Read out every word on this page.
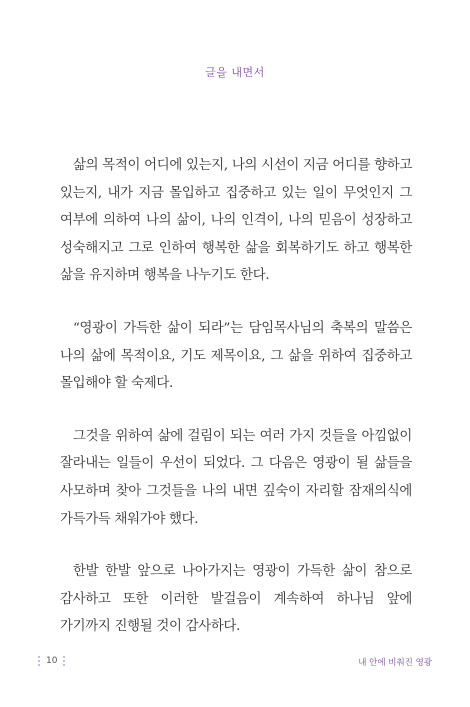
글을 내면서

삶의 목적이 어디에 있는지, 나의 시선이 지금 어디를 향하고 있는지, 내가 지금 몰입하고 집중하고 있는 일이 무엇인지 그 여부에 의하여 나의 삶이, 나의 인격이, 나의 믿음이 성장하고 성숙해지고 그로 인하여 행복한 삶을 회복하기도 하고 행복한 삶을 유지하며 행복을 나누기도 한다.

“영광이 가득한 삶이 되라”는 담임목사님의 축복의 말씀은 나의 삶에 목적이요, 기도 제목이요, 그 삶을 위하여 집중하고 몰입해야 할 숙제다.

그것을 위하여 삶에 걸림이 되는 여러 가지 것들을 아낌없이 잘라내는 일들이 우선이 되었다. 그 다음은 영광이 될 삶들을 사모하며 찾아 그것들을 나의 내면 깊숙이 자리할 잠재의식에 가득가득 채워가야 했다.

한발 한발 앞으로 나아가지는 영광이 가득한 삶이 참으로 감사하고 또한 이러한 발걸음이 계속하여 하나님 앞에 가기까지 진행될 것이 감사하다.

10	내 안에 비춰진 영광
